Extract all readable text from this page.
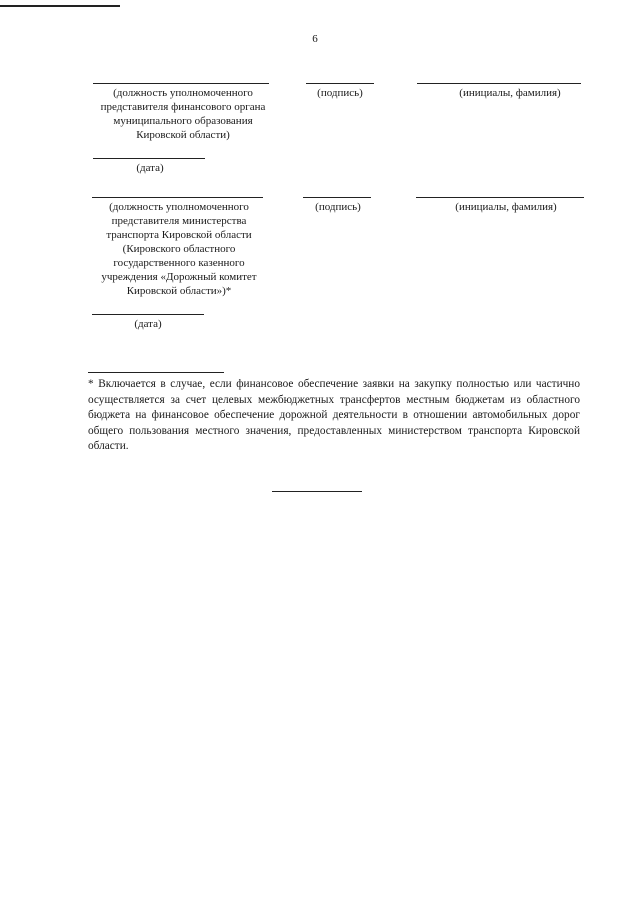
6
(должность уполномоченного
представителя финансового органа
муниципального образования
Кировской области)
(подпись)	(инициалы, фамилия)
(дата)
(должность уполномоченного
представителя министерства
транспорта Кировской области
(Кировского областного
государственного казенного
учреждения «Дорожный комитет
Кировской области»)*
(подпись)	(инициалы, фамилия)
(дата)
* Включается в случае, если финансовое обеспечение заявки на закупку полностью или частично осуществляется за счет целевых межбюджетных трансфертов местным бюджетам из областного бюджета на финансовое обеспечение дорожной деятельности в отношении автомобильных дорог общего пользования местного значения, предоставленных министерством транспорта Кировской области.
